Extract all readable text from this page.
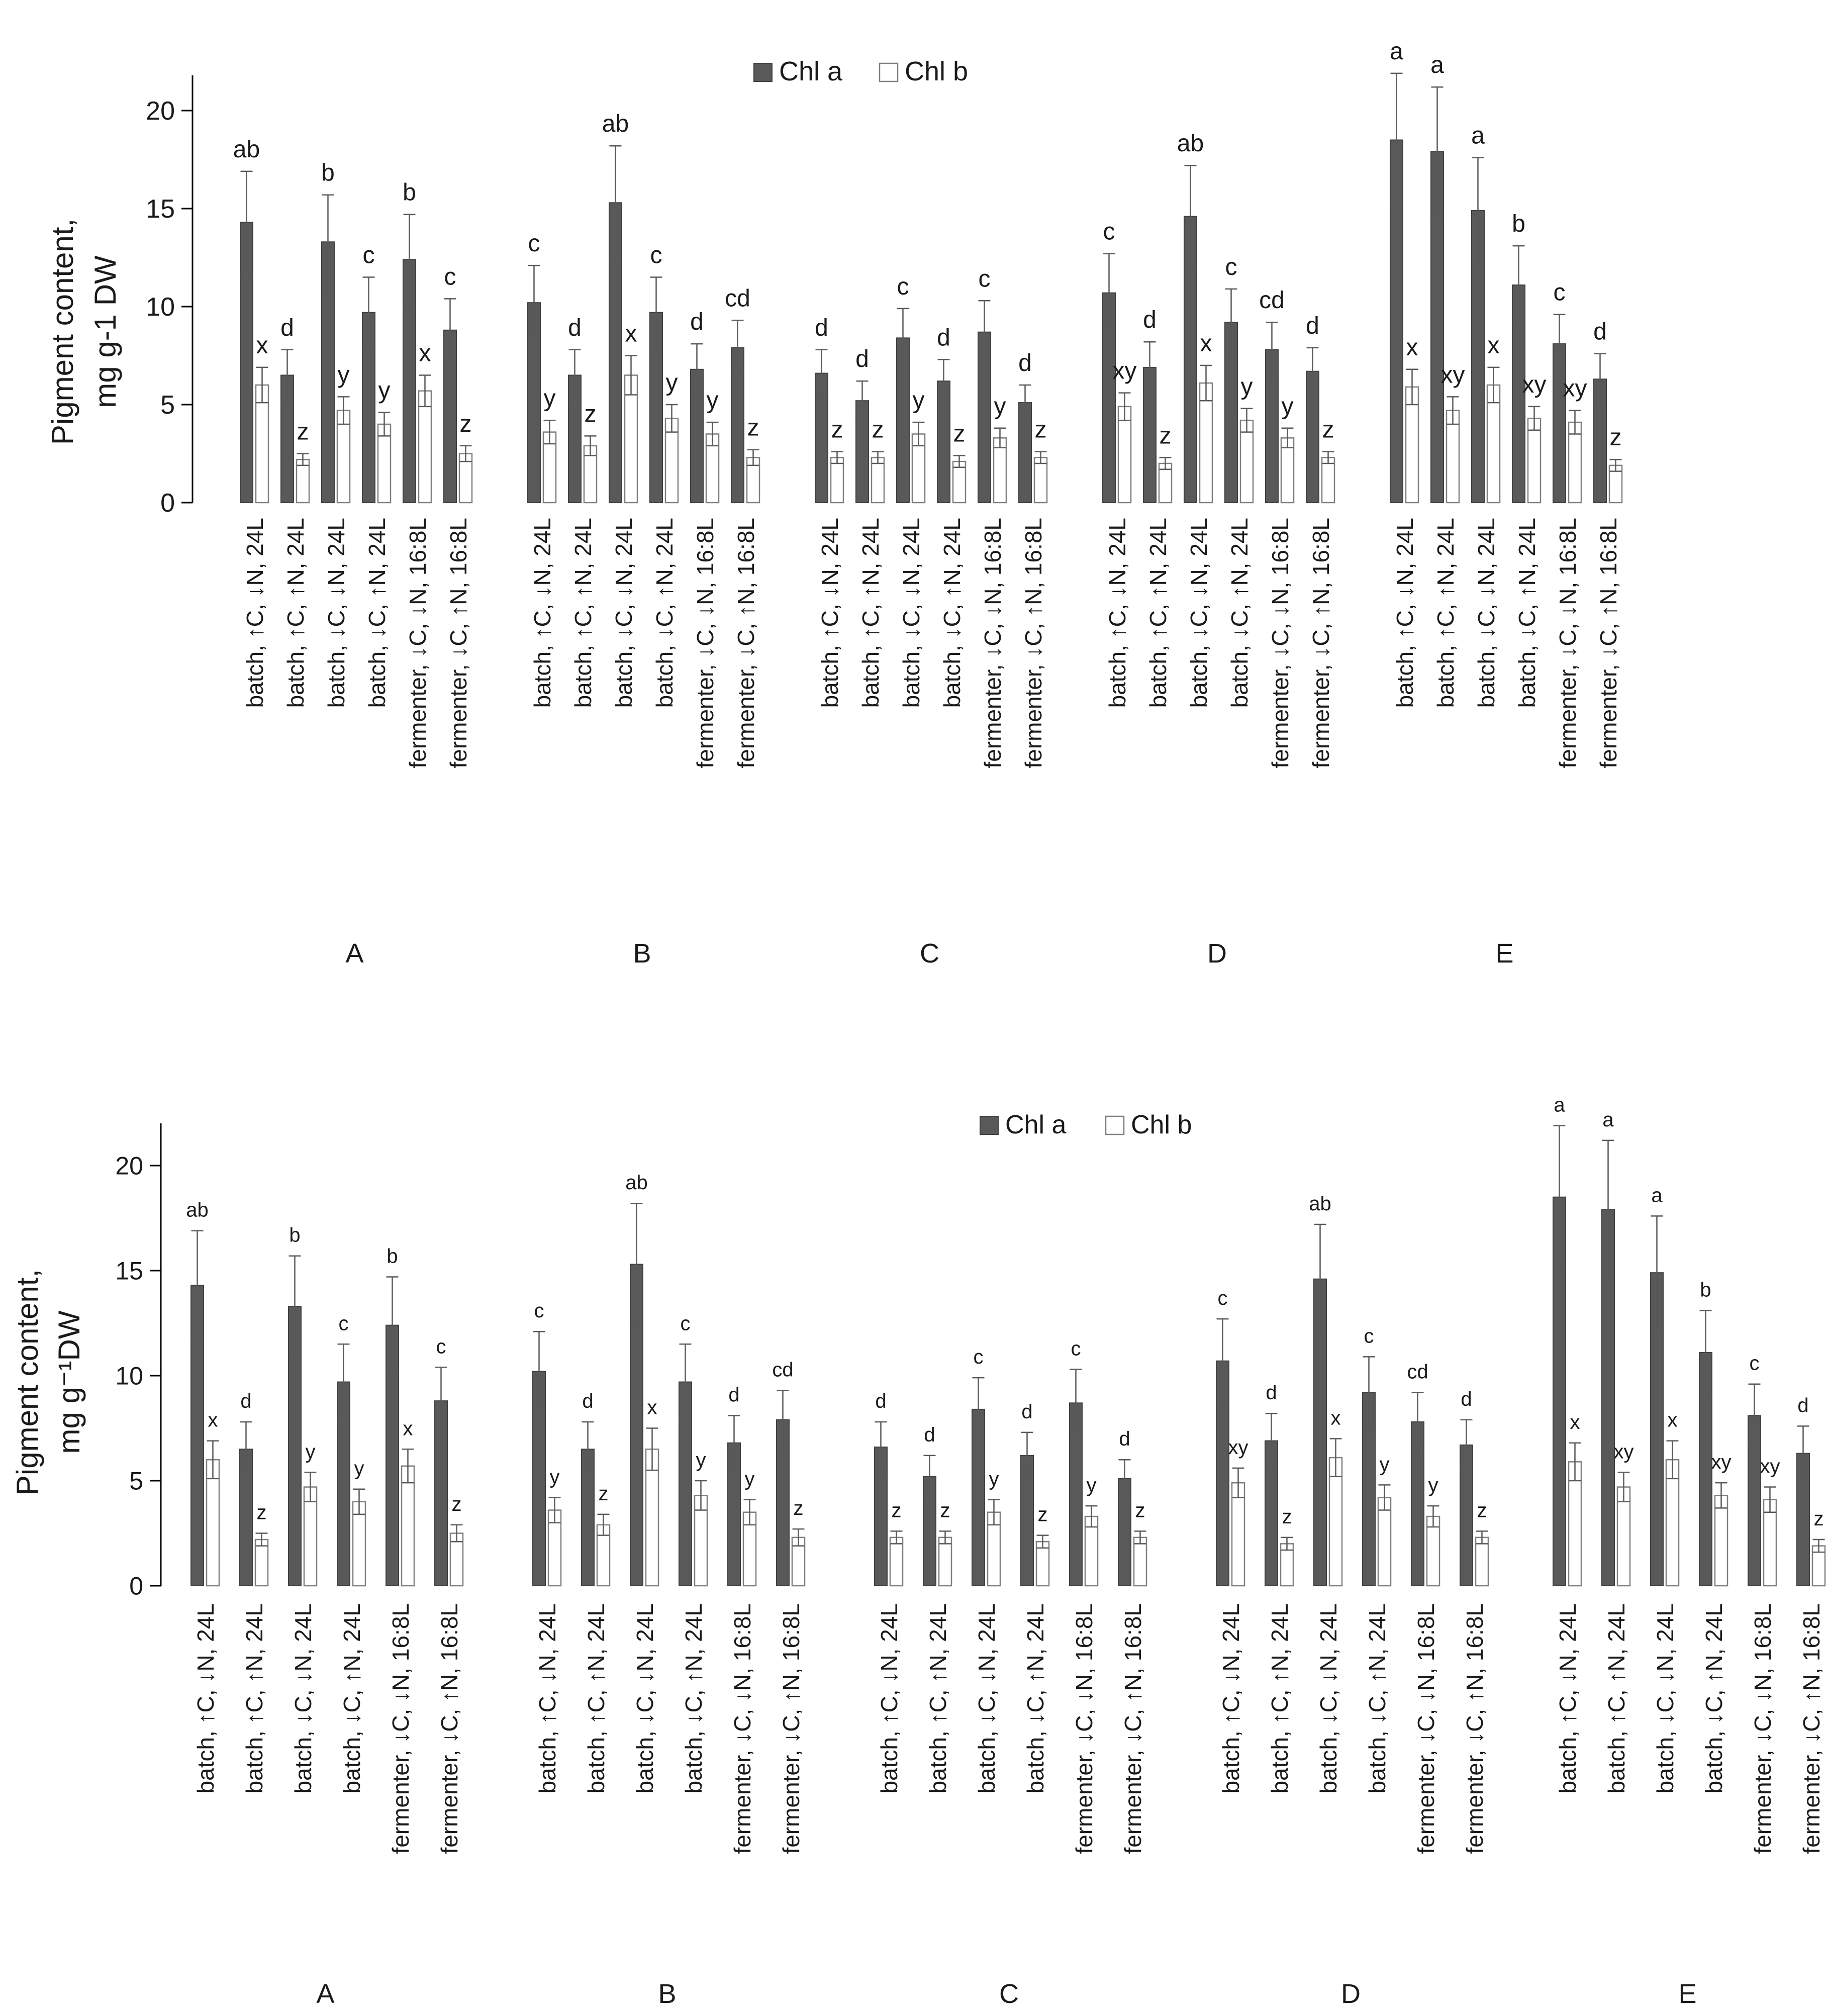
0
5
10
15
20
Pigment content, mg g-1 DW
Chl a Chl b
ab
x
batch, ↑C, ↓N, 24L
d
z
batch, ↑C, ↑N, 24L
b
y
batch, ↓C, ↓N, 24L
c
y
batch, ↓C, ↑N, 24L
b
x
fermenter, ↓C, ↓N, 16:8L
c
z
fermenter, ↓C, ↑N, 16:8L
A
c
y
batch, ↑C, ↓N, 24L
d
z
batch, ↑C, ↑N, 24L
ab
x
batch, ↓C, ↓N, 24L
c
y
batch, ↓C, ↑N, 24L
d
y
fermenter, ↓C, ↓N, 16:8L
cd
z
fermenter, ↓C, ↑N, 16:8L
B
d
z
batch, ↑C, ↓N, 24L
d
z
batch, ↑C, ↑N, 24L
c
y
batch, ↓C, ↓N, 24L
d
z
batch, ↓C, ↑N, 24L
c
y
fermenter, ↓C, ↓N, 16:8L
d
z
fermenter, ↓C, ↑N, 16:8L
C
c
xy
batch, ↑C, ↓N, 24L
d
z
batch, ↑C, ↑N, 24L
ab
x
batch, ↓C, ↓N, 24L
c
y
batch, ↓C, ↑N, 24L
cd
y
fermenter, ↓C, ↓N, 16:8L
d
z
fermenter, ↓C, ↑N, 16:8L
D
a
x
batch, ↑C, ↓N, 24L
a
xy
batch, ↑C, ↑N, 24L
a
x
batch, ↓C, ↓N, 24L
b
xy
batch, ↓C, ↑N, 24L
c
xy
fermenter, ↓C, ↓N, 16:8L
d
z
fermenter, ↓C, ↑N, 16:8L
E
0
5
10
15
20
Pigment content, mg g⁻¹DW
Chl a Chl b
ab
x
batch, ↑C, ↓N, 24L
d
z
batch, ↑C, ↑N, 24L
b
y
batch, ↓C, ↓N, 24L
c
y
batch, ↓C, ↑N, 24L
b
x
fermenter, ↓C, ↓N, 16:8L
c
z
fermenter, ↓C, ↑N, 16:8L
A
c
y
batch, ↑C, ↓N, 24L
d
z
batch, ↑C, ↑N, 24L
ab
x
batch, ↓C, ↓N, 24L
c
y
batch, ↓C, ↑N, 24L
d
y
fermenter, ↓C, ↓N, 16:8L
cd
z
fermenter, ↓C, ↑N, 16:8L
B
d
z
batch, ↑C, ↓N, 24L
d
z
batch, ↑C, ↑N, 24L
c
y
batch, ↓C, ↓N, 24L
d
z
batch, ↓C, ↑N, 24L
c
y
fermenter, ↓C, ↓N, 16:8L
d
z
fermenter, ↓C, ↑N, 16:8L
C
c
xy
batch, ↑C, ↓N, 24L
d
z
batch, ↑C, ↑N, 24L
ab
x
batch, ↓C, ↓N, 24L
c
y
batch, ↓C, ↑N, 24L
cd
y
fermenter, ↓C, ↓N, 16:8L
d
z
fermenter, ↓C, ↑N, 16:8L
D
a
x
batch, ↑C, ↓N, 24L
a
xy
batch, ↑C, ↑N, 24L
a
x
batch, ↓C, ↓N, 24L
b
xy
batch, ↓C, ↑N, 24L
c
xy
fermenter, ↓C, ↓N, 16:8L
d
z
fermenter, ↓C, ↑N, 16:8L
E
